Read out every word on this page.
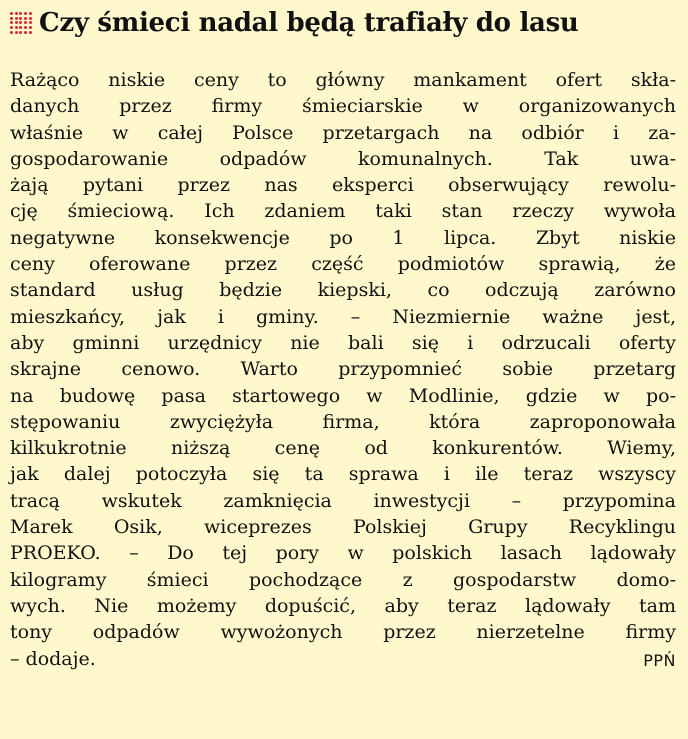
Czy śmieci nadal będą trafiały do lasu
Rażąco niskie ceny to główny mankament ofert skła-
danych przez firmy śmieciarskie w organizowanych
właśnie w całej Polsce przetargach na odbiór i za-
gospodarowanie odpadów komunalnych. Tak uwa-
żają pytani przez nas eksperci obserwujący rewolu-
cję śmieciową. Ich zdaniem taki stan rzeczy wywoła
negatywne konsekwencje po 1 lipca. Zbyt niskie
ceny oferowane przez część podmiotów sprawią, że
standard usług będzie kiepski, co odczują zarówno
mieszkańcy, jak i gminy. – Niezmiernie ważne jest,
aby gminni urzędnicy nie bali się i odrzucali oferty
skrajne cenowo. Warto przypomnieć sobie przetarg
na budowę pasa startowego w Modlinie, gdzie w po-
stępowaniu zwyciężyła firma, która zaproponowała
kilkukrotnie niższą cenę od konkurentów. Wiemy,
jak dalej potoczyła się ta sprawa i ile teraz wszyscy
tracą wskutek zamknięcia inwestycji – przypomina
Marek Osik, wiceprezes Polskiej Grupy Recyklingu
PROEKO. – Do tej pory w polskich lasach lądowały
kilogramy śmieci pochodzące z gospodarstw domo-
wych. Nie możemy dopuścić, aby teraz lądowały tam
tony odpadów wywożonych przez nierzetelne firmy
– dodaje.	PPŃ
